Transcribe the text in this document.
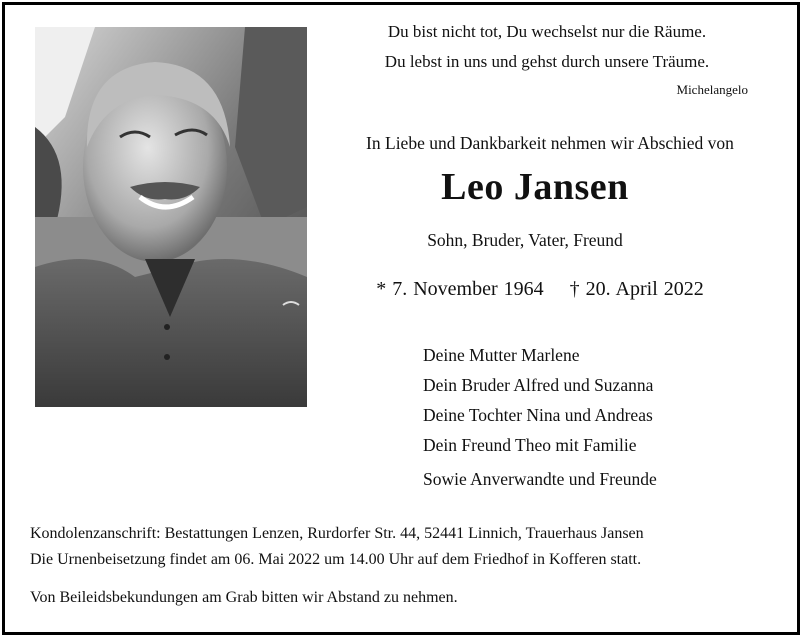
Du bist nicht tot, Du wechselst nur die Räume.
Du lebst in uns und gehst durch unsere Träume.
Michelangelo
In Liebe und Dankbarkeit nehmen wir Abschied von
Leo Jansen
Sohn, Bruder, Vater, Freund
* 7. November 1964 † 20. April 2022
Deine Mutter Marlene
Dein Bruder Alfred und Suzanna
Deine Tochter Nina und Andreas
Dein Freund Theo mit Familie
Sowie Anverwandte und Freunde
Kondolenzanschrift: Bestattungen Lenzen, Rurdorfer Str. 44, 52441 Linnich, Trauerhaus Jansen
Die Urnenbeisetzung findet am 06. Mai 2022 um 14.00 Uhr auf dem Friedhof in Kofferen statt.
Von Beileidsbekundungen am Grab bitten wir Abstand zu nehmen.
